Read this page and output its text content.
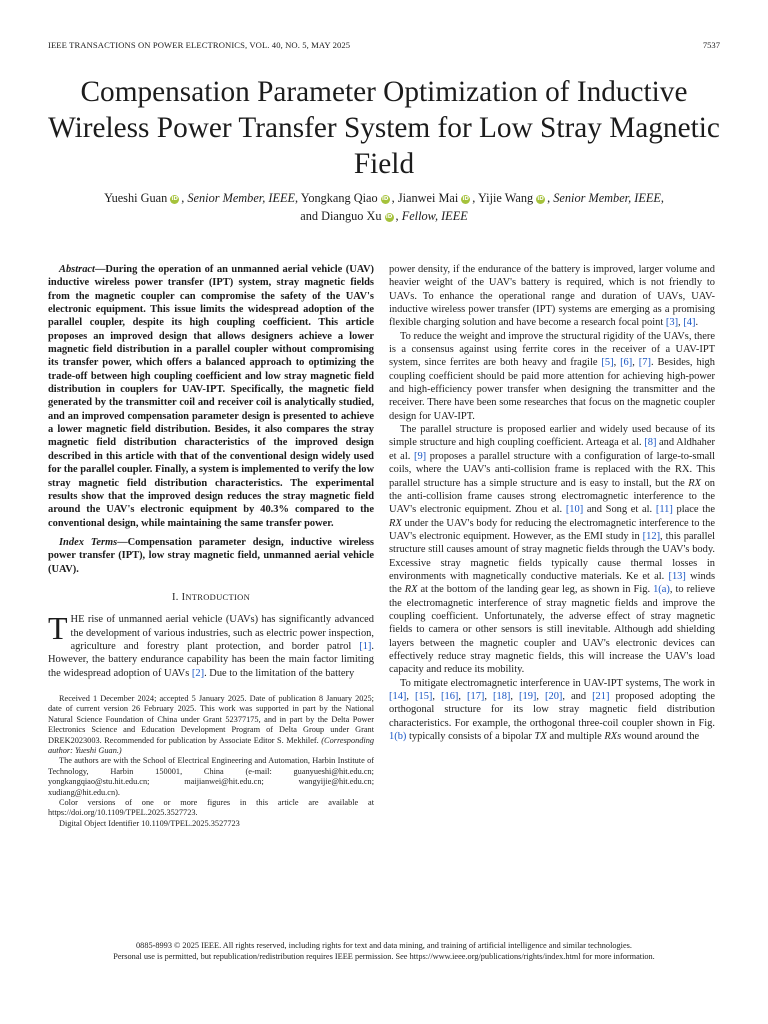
IEEE TRANSACTIONS ON POWER ELECTRONICS, VOL. 40, NO. 5, MAY 2025	7537
Compensation Parameter Optimization of Inductive Wireless Power Transfer System for Low Stray Magnetic Field
Yueshi Guan iD , Senior Member, IEEE, Yongkang Qiao iD , Jianwei Mai iD , Yijie Wang iD , Senior Member, IEEE,
and Dianguo Xu iD , Fellow, IEEE

Abstract—During the operation of an unmanned aerial vehicle (UAV) inductive wireless power transfer (IPT) system, stray magnetic fields from the magnetic coupler can compromise the safety of the UAV's electronic equipment. This issue limits the widespread adoption of the parallel coupler, despite its high coupling coefficient. This article proposes an improved design that allows designers achieve a lower magnetic field distribution in a parallel coupler without compromising its transfer power, which offers a balanced approach to optimizing the trade-off between high coupling coefficient and low stray magnetic field distribution in couplers for UAV-IPT. Specifically, the magnetic field generated by the transmitter coil and receiver coil is analytically studied, and an improved compensation parameter design is presented to achieve a lower magnetic field distribution. Besides, it also compares the stray magnetic field distribution characteristics of the improved design described in this article with that of the conventional design widely used for the parallel coupler. Finally, a system is implemented to verify the low stray magnetic field distribution characteristics. The experimental results show that the improved design reduces the stray magnetic field around the UAV's electronic equipment by 40.3% compared to the conventional design, while maintaining the same transfer power.

Index Terms—Compensation parameter design, inductive wireless power transfer (IPT), low stray magnetic field, unmanned aerial vehicle (UAV).

I. INTRODUCTION

THE rise of unmanned aerial vehicle (UAVs) has significantly advanced the development of various industries, such as electric power inspection, agriculture and forestry plant protection, and border patrol [1]. However, the battery endurance capability has been the main factor limiting the widespread adoption of UAVs [2]. Due to the limitation of the battery

Received 1 December 2024; accepted 5 January 2025. Date of publication 8 January 2025; date of current version 26 February 2025. This work was supported in part by the National Natural Science Foundation of China under Grant 52377175, and in part by the Delta Power Electronics Science and Education Development Program of Delta Group under Grant DREK2023003. Recommended for publication by Associate Editor S. Mekhilef. (Corresponding author: Yueshi Guan.)

The authors are with the School of Electrical Engineering and Automation, Harbin Institute of Technology, Harbin 150001, China (e-mail: guanyueshi@hit.edu.cn; yongkangqiao@stu.hit.edu.cn; maijianwei@hit.edu.cn; wangyijie@hit.edu.cn; xudiang@hit.edu.cn).

Color versions of one or more figures in this article are available at https://doi.org/10.1109/TPEL.2025.3527723.

Digital Object Identifier 10.1109/TPEL.2025.3527723

power density, if the endurance of the battery is improved, larger volume and heavier weight of the UAV's battery is required, which is not friendly to UAVs. To enhance the operational range and duration of UAVs, UAV-inductive wireless power transfer (IPT) systems are emerging as a promising flexible charging solution and have become a research focal point [3], [4].

To reduce the weight and improve the structural rigidity of the UAVs, there is a consensus against using ferrite cores in the receiver of a UAV-IPT system, since ferrites are both heavy and fragile [5], [6], [7]. Besides, high coupling coefficient should be paid more attention for achieving high-power and high-efficiency power transfer when designing the transmitter and the receiver. There have been some researches that focus on the magnetic coupler design for UAV-IPT.

The parallel structure is proposed earlier and widely used because of its simple structure and high coupling coefficient. Arteaga et al. [8] and Aldhaher et al. [9] proposes a parallel structure with a configuration of large-to-small coils, where the UAV's anti-collision frame is replaced with the RX. This parallel structure has a simple structure and is easy to install, but the RX on the anti-collision frame causes strong electromagnetic interference to the UAV's electronic equipment. Zhou et al. [10] and Song et al. [11] place the RX under the UAV's body for reducing the electromagnetic interference to the UAV's electronic equipment. However, as the EMI study in [12], this parallel structure still causes amount of stray magnetic fields through the UAV's body. Excessive stray magnetic fields typically cause thermal losses in environments with magnetically conductive materials. Ke et al. [13] winds the RX at the bottom of the landing gear leg, as shown in Fig. 1(a), to relieve the electromagnetic interference of stray magnetic fields and improve the coupling coefficient. Unfortunately, the adverse effect of stray magnetic fields to camera or other sensors is still inevitable. Although add shielding layers between the magnetic coupler and UAV's electronic devices can effectively reduce stray magnetic fields, this will increase the UAV's load capacity and reduce its mobility.

To mitigate electromagnetic interference in UAV-IPT systems, The work in [14], [15], [16], [17], [18], [19], [20], and [21] proposed adopting the orthogonal structure for its low stray magnetic field distribution characteristics. For example, the orthogonal three-coil coupler shown in Fig. 1(b) typically consists of a bipolar TX and multiple RXs wound around the

0885-8993 © 2025 IEEE. All rights reserved, including rights for text and data mining, and training of artificial intelligence and similar technologies.
Personal use is permitted, but republication/redistribution requires IEEE permission. See https://www.ieee.org/publications/rights/index.html for more information.
